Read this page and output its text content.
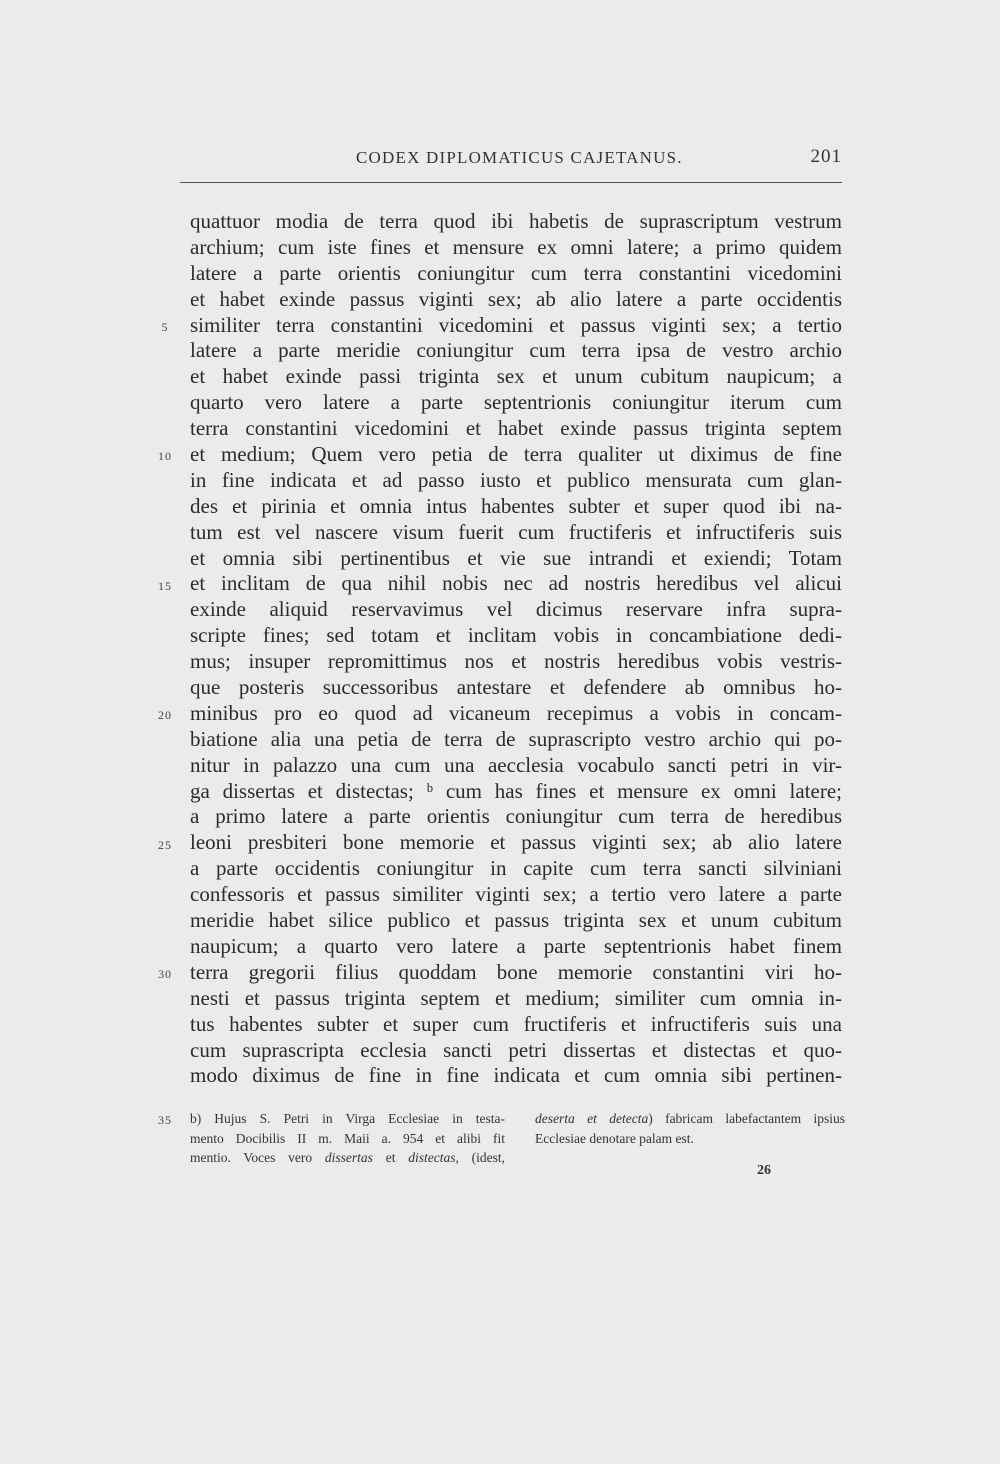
CODEX DIPLOMATICUS CAJETANUS.	201
5
10
15
20
25
30
quattuor modia de terra quod ibi habetis de suprascriptum vestrum
archium; cum iste fines et mensure ex omni latere; a primo quidem
latere a parte orientis coniungitur cum terra constantini vicedomini
et habet exinde passus viginti sex; ab alio latere a parte occidentis
similiter terra constantini vicedomini et passus viginti sex; a tertio
latere a parte meridie coniungitur cum terra ipsa de vestro archio
et habet exinde passi triginta sex et unum cubitum naupicum; a
quarto vero latere a parte septentrionis coniungitur iterum cum
terra constantini vicedomini et habet exinde passus triginta septem
et medium; Quem vero petia de terra qualiter ut diximus de fine
in fine indicata et ad passo iusto et publico mensurata cum glan-
des et pirinia et omnia intus habentes subter et super quod ibi na-
tum est vel nascere visum fuerit cum fructiferis et infructiferis suis
et omnia sibi pertinentibus et vie sue intrandi et exiendi; Totam
et inclitam de qua nihil nobis nec ad nostris heredibus vel alicui
exinde aliquid reservavimus vel dicimus reservare infra supra-
scripte fines; sed totam et inclitam vobis in concambiatione dedi-
mus; insuper repromittimus nos et nostris heredibus vobis vestris-
que posteris successoribus antestare et defendere ab omnibus ho-
minibus pro eo quod ad vicaneum recepimus a vobis in concam-
biatione alia una petia de terra de suprascripto vestro archio qui po-
nitur in palazzo una cum una aecclesia vocabulo sancti petri in vir-
ga dissertas et distectas; ᵇ cum has fines et mensure ex omni latere;
a primo latere a parte orientis coniungitur cum terra de heredibus
leoni presbiteri bone memorie et passus viginti sex; ab alio latere
a parte occidentis coniungitur in capite cum terra sancti silviniani
confessoris et passus similiter viginti sex; a tertio vero latere a parte
meridie habet silice publico et passus triginta sex et unum cubitum
naupicum; a quarto vero latere a parte septentrionis habet finem
terra gregorii filius quoddam bone memorie constantini viri ho-
nesti et passus triginta septem et medium; similiter cum omnia in-
tus habentes subter et super cum fructiferis et infructiferis suis una
cum suprascripta ecclesia sancti petri dissertas et distectas et quo-
modo diximus de fine in fine indicata et cum omnia sibi pertinen-
35	b) Hujus S. Petri in Virga Ecclesiae in testa-
mento Docibilis II m. Maii a. 954 et alibi fit
mentio. Voces vero dissertas et distectas, (idest,
deserta et detecta) fabricam labefactantem ipsius
Ecclesiae denotare palam est.
26
